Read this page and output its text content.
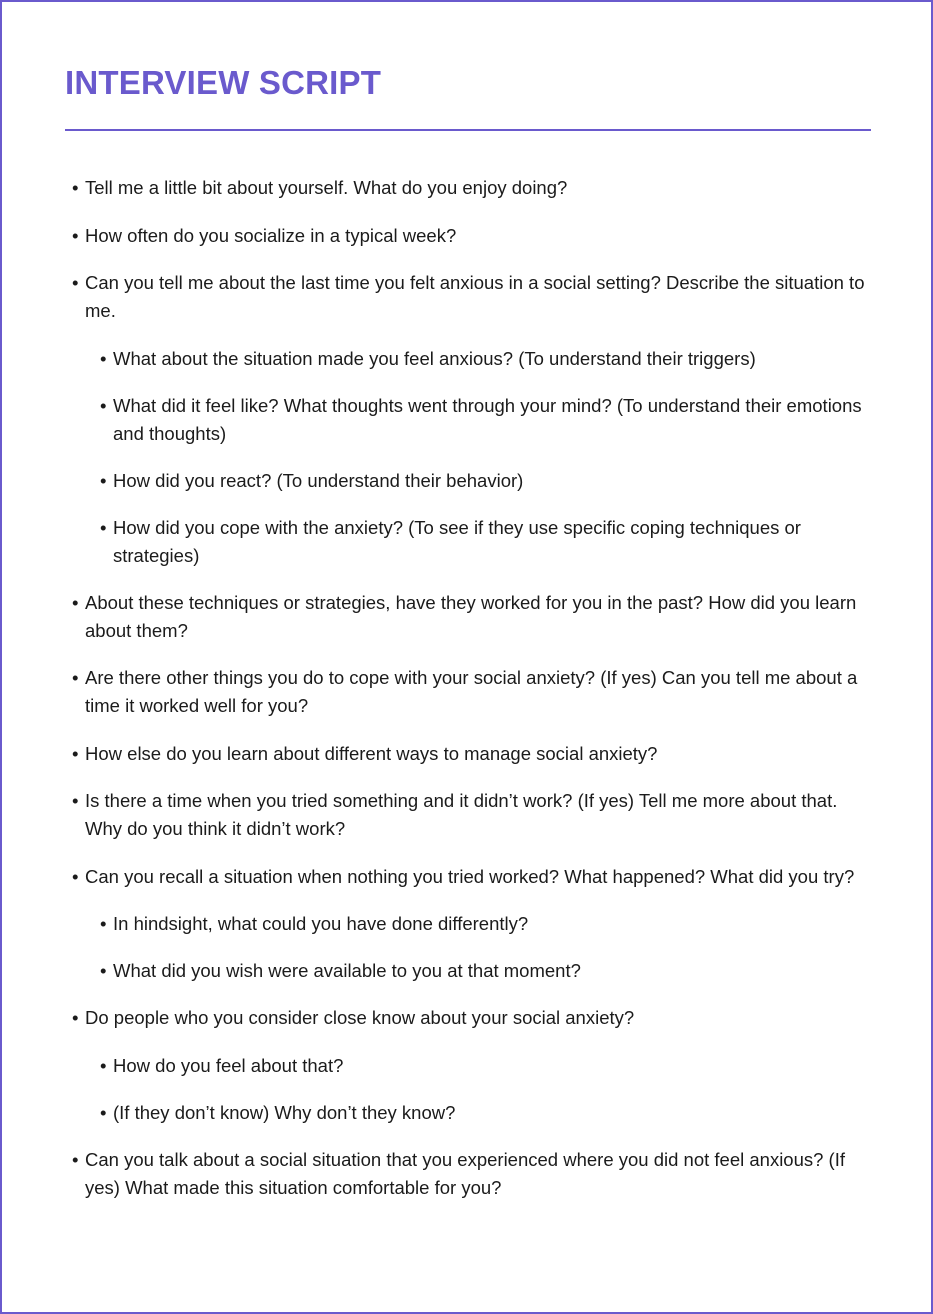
INTERVIEW SCRIPT
• Tell me a little bit about yourself. What do you enjoy doing?
• How often do you socialize in a typical week?
• Can you tell me about the last time you felt anxious in a social setting? Describe the situation to me.
• What about the situation made you feel anxious? (To understand their triggers)
• What did it feel like? What thoughts went through your mind? (To understand their emotions and thoughts)
• How did you react? (To understand their behavior)
• How did you cope with the anxiety? (To see if they use specific coping techniques or strategies)
• About these techniques or strategies, have they worked for you in the past? How did you learn about them?
• Are there other things you do to cope with your social anxiety? (If yes) Can you tell me about a time it worked well for you?
• How else do you learn about different ways to manage social anxiety?
• Is there a time when you tried something and it didn’t work? (If yes) Tell me more about that. Why do you think it didn’t work?
• Can you recall a situation when nothing you tried worked? What happened? What did you try?
• In hindsight, what could you have done differently?
• What did you wish were available to you at that moment?
• Do people who you consider close know about your social anxiety?
• How do you feel about that?
• (If they don’t know) Why don’t they know?
• Can you talk about a social situation that you experienced where you did not feel anxious? (If yes) What made this situation comfortable for you?
